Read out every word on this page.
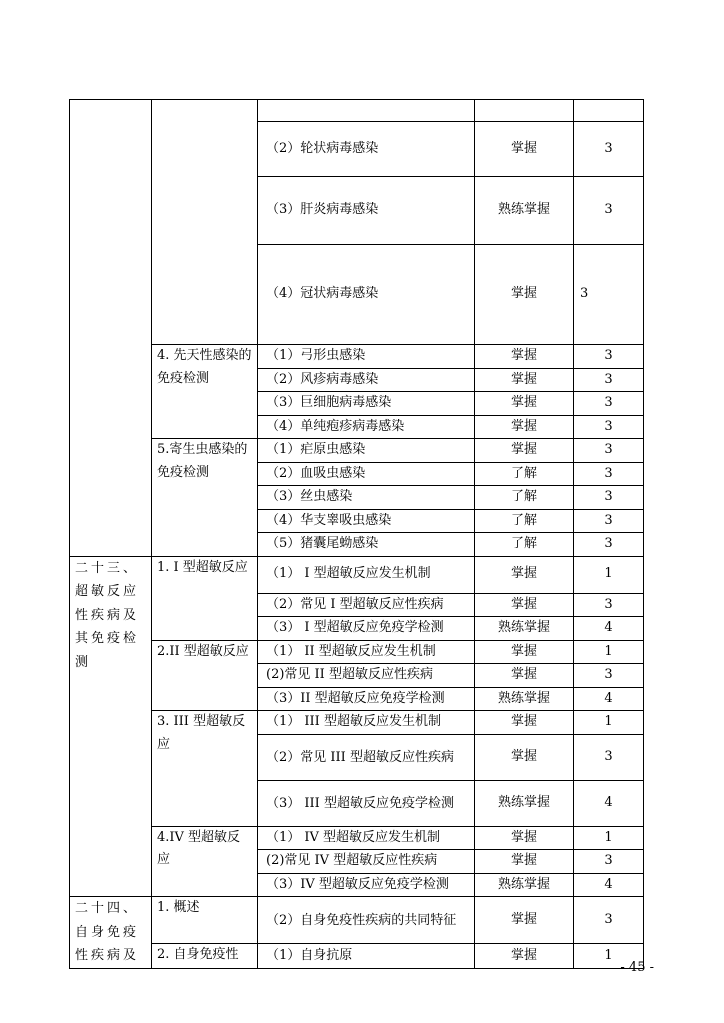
		（2）轮状病毒感染	掌握	3
		（3）肝炎病毒感染	熟练掌握	3
		（4）冠状病毒感染	掌握	3
	4. 先天性感染的免疫检测	（1）弓形虫感染	掌握	3
		（2）风疹病毒感染	掌握	3
		（3）巨细胞病毒感染	掌握	3
		（4）单纯疱疹病毒感染	掌握	3
	5.寄生虫感染的免疫检测	（1）疟原虫感染	掌握	3
		（2）血吸虫感染	了解	3
		（3）丝虫感染	了解	3
		（4）华支睾吸虫感染	了解	3
		（5）猪囊尾蚴感染	了解	3
二十三、超敏反应性疾病及其免疫检测	1. I 型超敏反应	（1） I 型超敏反应发生机制	掌握	1
		（2）常见 I 型超敏反应性疾病	掌握	3
		（3） I 型超敏反应免疫学检测	熟练掌握	4
	2.II 型超敏反应	（1） II 型超敏反应发生机制	掌握	1
		(2)常见 II 型超敏反应性疾病	掌握	3
		（3）II 型超敏反应免疫学检测	熟练掌握	4
	3. III 型超敏反应	（1） III 型超敏反应发生机制	掌握	1
		（2）常见 III 型超敏反应性疾病	掌握	3
		（3） III 型超敏反应免疫学检测	熟练掌握	4
	4.IV 型超敏反应	（1） IV 型超敏反应发生机制	掌握	1
		(2)常见 IV 型超敏反应性疾病	掌握	3
		（3）IV 型超敏反应免疫学检测	熟练掌握	4
二十四、自身免疫性疾病及	1. 概述	（2）自身免疫性疾病的共同特征	掌握	3
	2. 自身免疫性	（1）自身抗原	掌握	1
- 45 -
